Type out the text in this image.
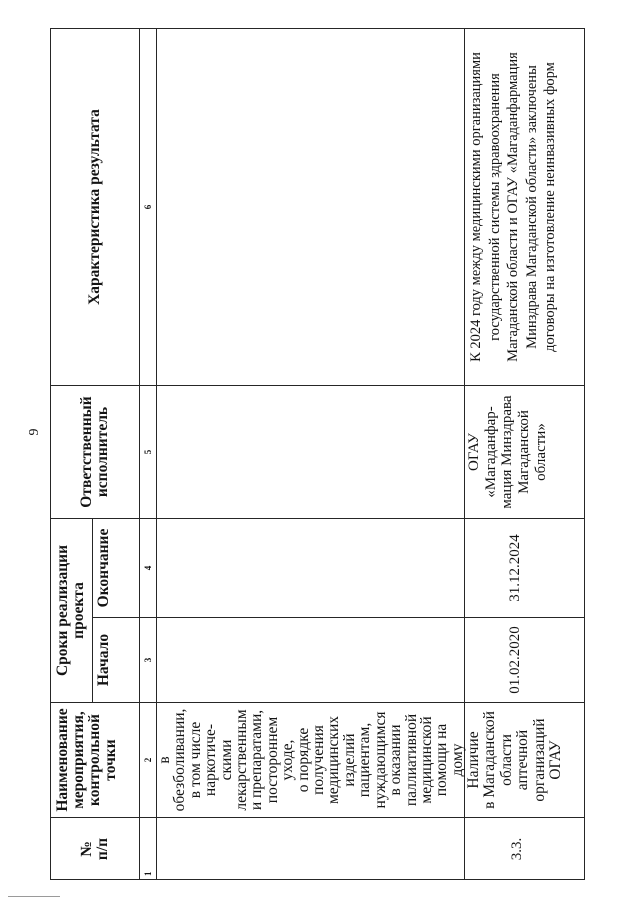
9
№ п/п
Наименование мероприятия, контрольной точки
Сроки реализации проекта
Начало
Окончание
Ответственный исполнитель
Характеристика результата
1
2
3
4
5
6
в
обезболивании,
в том числе
наркотиче-
скими
лекарственным
и препаратами,
постороннем
уходе,
о порядке
получения
медицинских
изделий
пациентам,
нуждающимся
в оказании
паллиативной
медицинской
помощи на
дому
3.3.
Наличие в Магаданской области аптечной организаций ОГАУ
01.02.2020
31.12.2024
ОГАУ «Магаданфар- мация Минздрава Магаданской области»
К 2024 году между медицинскими организациями государственной системы здравоохранения Магаданской области и ОГАУ «Магаданфармация Минздрава Магаданской области» заключены договоры на изготовление неинвазивных форм
